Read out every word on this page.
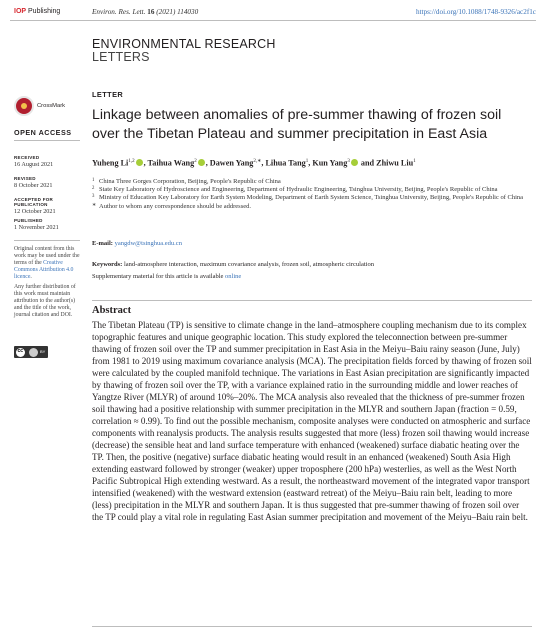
IOP Publishing	Environ. Res. Lett. 16 (2021) 114030	https://doi.org/10.1088/1748-9326/ac2f1c
ENVIRONMENTAL RESEARCH
LETTERS
CrossMark
LETTER
Linkage between anomalies of pre-summer thawing of frozen soil over the Tibetan Plateau and summer precipitation in East Asia
OPEN ACCESS
RECEIVED
16 August 2021
REVISED
8 October 2021
ACCEPTED FOR PUBLICATION
12 October 2021
PUBLISHED
1 November 2021

Original content from this work may be used under the terms of the Creative Commons Attribution 4.0 licence.

Any further distribution of this work must maintain attribution to the author(s) and the title of the work, journal citation and DOI.

cc
BY
Yuheng Li$^{1,2}$ , Taihua Wang$^2$ , Dawen Yang$^{2,∗}$, Lihua Tang$^1$, Kun Yang$^3$ and Zhiwu Liu$^1$
1 China Three Gorges Corporation, Beijing, People's Republic of China
2 State Key Laboratory of Hydroscience and Engineering, Department of Hydraulic Engineering, Tsinghua University, Beijing, People's Republic of China
3 Ministry of Education Key Laboratory for Earth System Modeling, Department of Earth System Science, Tsinghua University, Beijing, People's Republic of China
∗ Author to whom any correspondence should be addressed.
E-mail: yangdw@tsinghua.edu.cn
Keywords: land-atmosphere interaction, maximum covariance analysis, frozen soil, atmospheric circulation
Supplementary material for this article is available online
Abstract

The Tibetan Plateau (TP) is sensitive to climate change in the land–atmosphere coupling mechanism due to its complex topographic features and unique geographic location. This study explored the teleconnection between pre-summer thawing of frozen soil over the TP and summer precipitation in East Asia in the Meiyu–Baiu rainy season (June, July) from 1981 to 2019 using maximum covariance analysis (MCA). The precipitation fields forced by thawing of frozen soil were calculated by the coupled manifold technique. The variations in East Asian precipitation are significantly impacted by thawing of frozen soil over the TP, with a variance explained ratio in the surrounding middle and lower reaches of Yangtze River (MLYR) of around 10%–20%. The MCA analysis also revealed that the thickness of pre-summer frozen soil thawing had a positive relationship with summer precipitation in the MLYR and southern Japan (fraction = 0.59, correlation ≈ 0.99). To find out the possible mechanism, composite analyses were conducted on atmospheric and surface components with reanalysis products. The analysis results suggested that more (less) frozen soil thawing would increase (decrease) the sensible heat and land surface temperature with enhanced (weakened) surface diabatic heating over the TP. Then, the positive (negative) surface diabatic heating would result in an enhanced (weakened) South Asia High extending eastward followed by stronger (weaker) upper troposphere (200 hPa) westerlies, as well as the West North Pacific Subtropical High extending westward. As a result, the northeastward movement of the integrated vapor transport intensified (weakened) with the westward extension (eastward retreat) of the Meiyu–Baiu rain belt, leading to more (less) precipitation in the MLYR and southern Japan. It is thus suggested that pre-summer thawing of frozen soil over the TP could play a vital role in regulating East Asian summer precipitation and movement of the Meiyu–Baiu rain belt.
